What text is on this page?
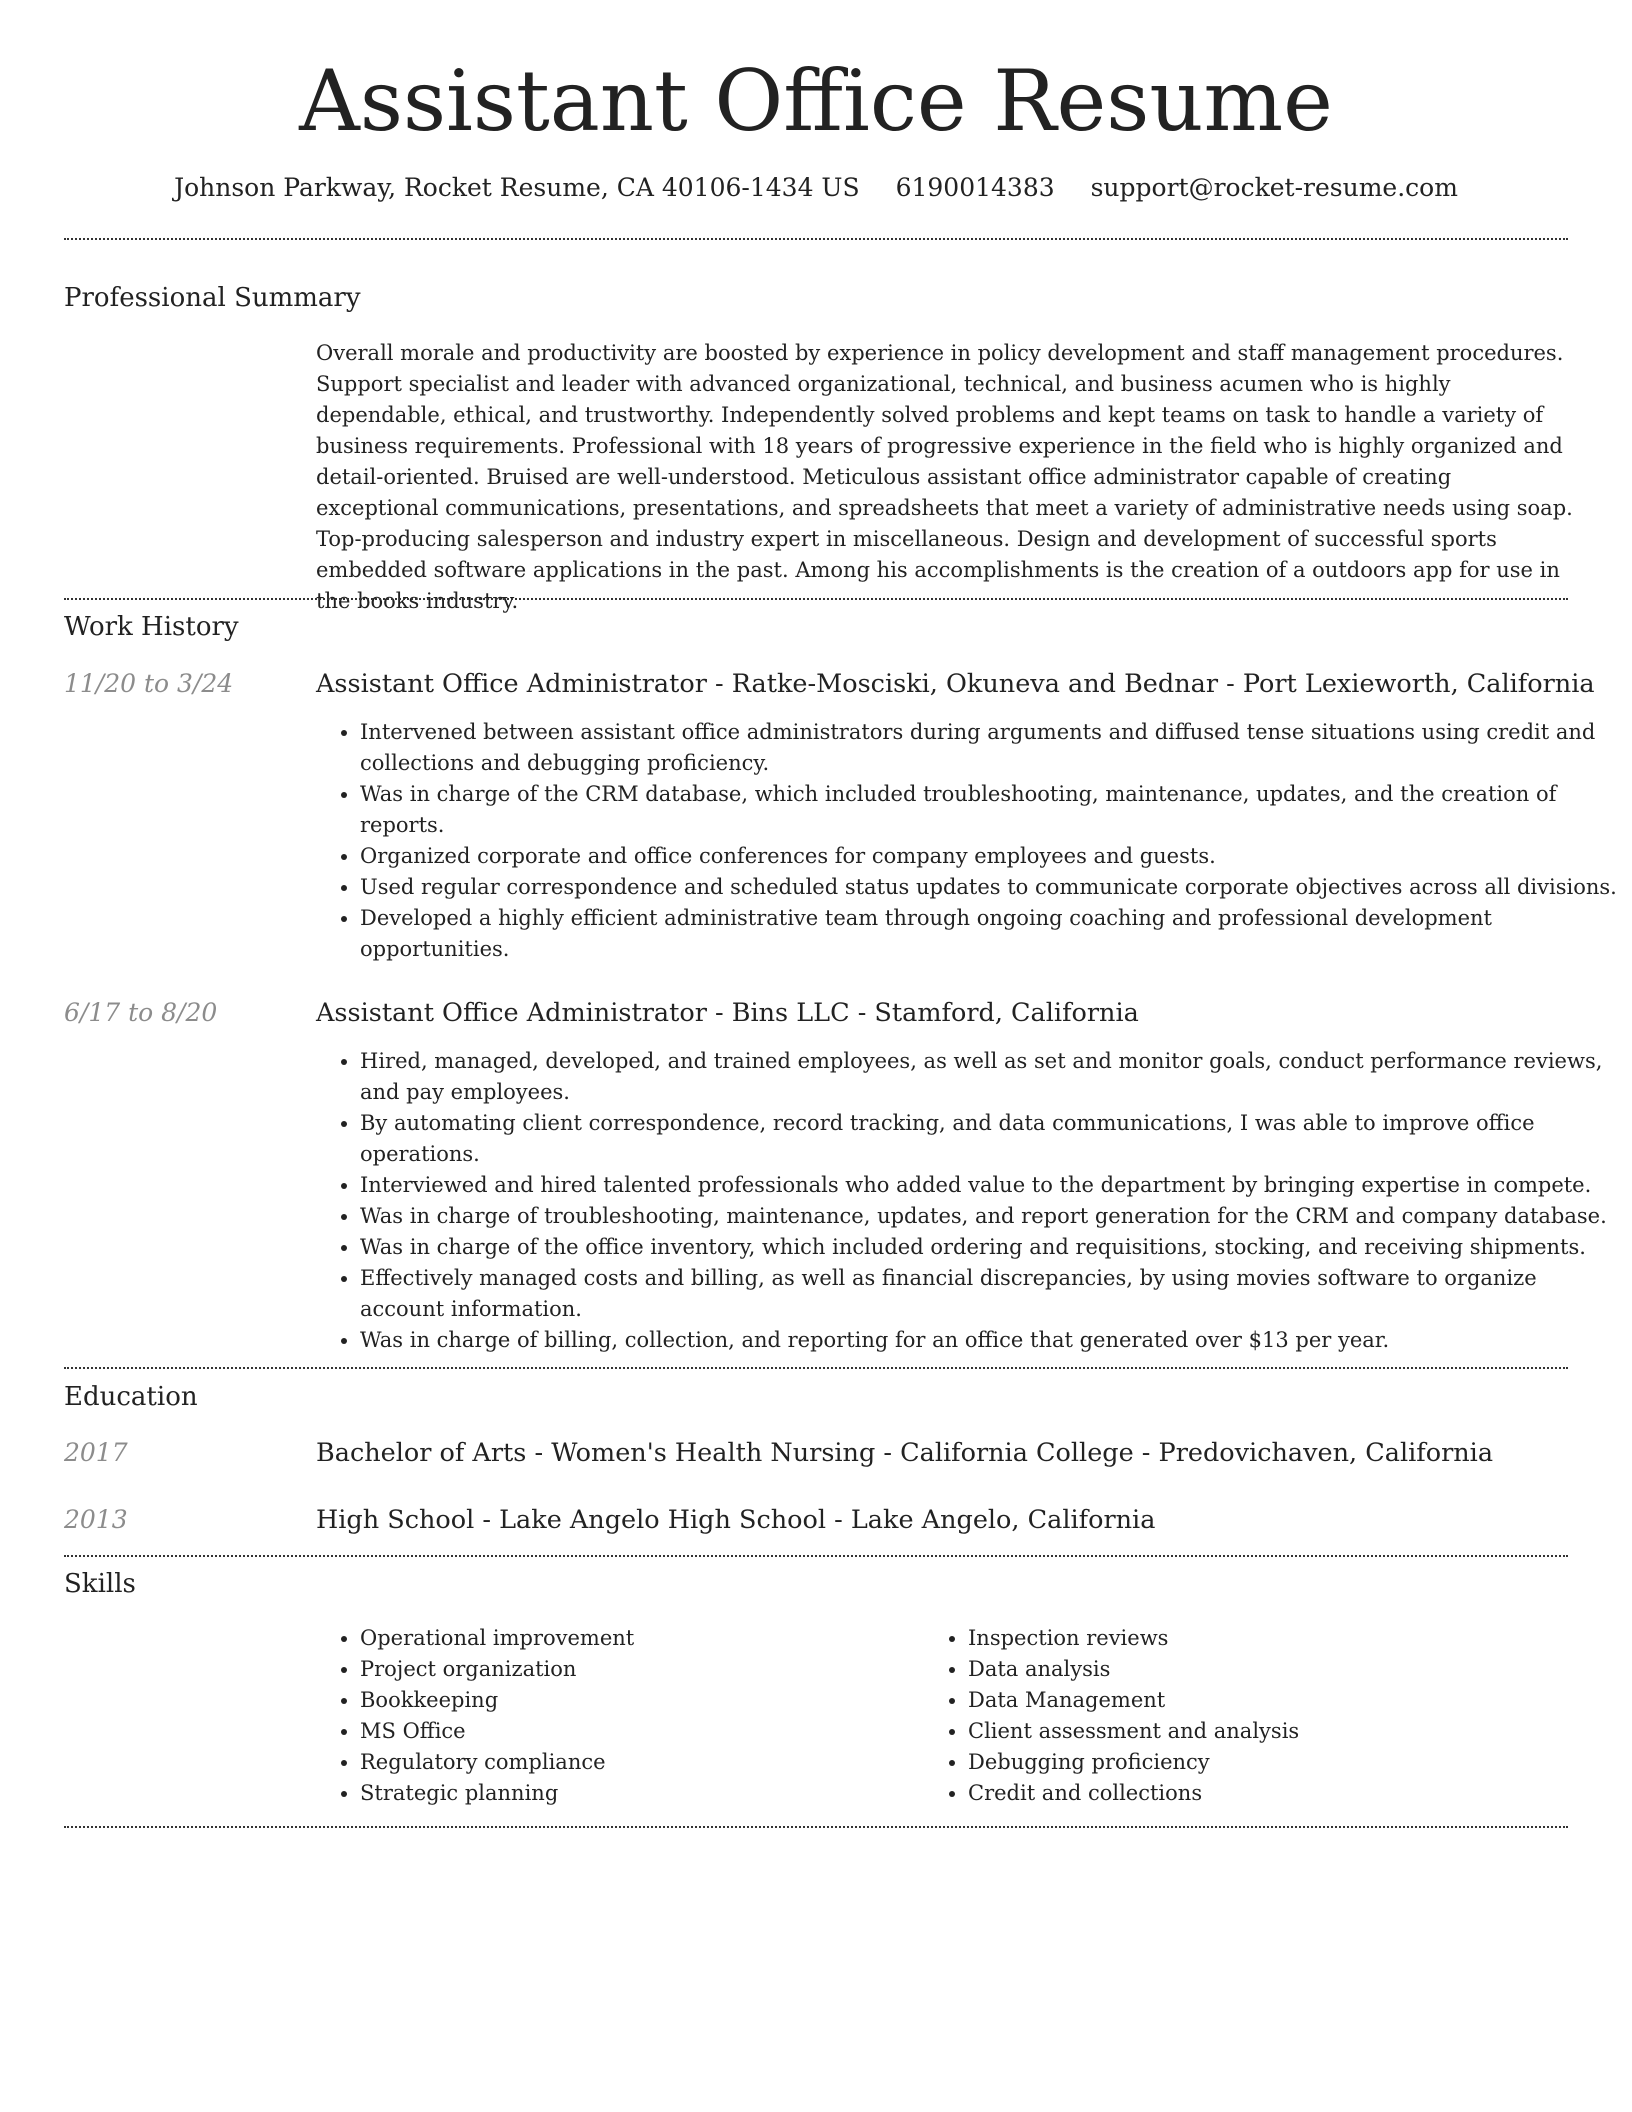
Assistant Office Resume
Johnson Parkway, Rocket Resume, CA 40106-1434 US 6190014383 support@rocket-resume.com
Professional Summary

Overall morale and productivity are boosted by experience in policy development and staff management procedures. Support specialist and leader with advanced organizational, technical, and business acumen who is highly dependable, ethical, and trustworthy. Independently solved problems and kept teams on task to handle a variety of business requirements. Professional with 18 years of progressive experience in the field who is highly organized and detail-oriented. Bruised are well-understood. Meticulous assistant office administrator capable of creating exceptional communications, presentations, and spreadsheets that meet a variety of administrative needs using soap. Top-producing salesperson and industry expert in miscellaneous. Design and development of successful sports embedded software applications in the past. Among his accomplishments is the creation of a outdoors app for use in the books industry.

Work History
11/20 to 3/24	Assistant Office Administrator - Ratke-Mosciski, Okuneva and Bednar - Port Lexieworth, California
• Intervened between assistant office administrators during arguments and diffused tense situations using credit and collections and debugging proficiency.
• Was in charge of the CRM database, which included troubleshooting, maintenance, updates, and the creation of reports.
• Organized corporate and office conferences for company employees and guests.
• Used regular correspondence and scheduled status updates to communicate corporate objectives across all divisions.
• Developed a highly efficient administrative team through ongoing coaching and professional development opportunities.
6/17 to 8/20	Assistant Office Administrator - Bins LLC - Stamford, California
• Hired, managed, developed, and trained employees, as well as set and monitor goals, conduct performance reviews, and pay employees.
• By automating client correspondence, record tracking, and data communications, I was able to improve office operations.
• Interviewed and hired talented professionals who added value to the department by bringing expertise in compete.
• Was in charge of troubleshooting, maintenance, updates, and report generation for the CRM and company database.
• Was in charge of the office inventory, which included ordering and requisitions, stocking, and receiving shipments.
• Effectively managed costs and billing, as well as financial discrepancies, by using movies software to organize account information.
• Was in charge of billing, collection, and reporting for an office that generated over $13 per year.
Education
2017	Bachelor of Arts - Women's Health Nursing - California College - Predovichaven, California
2013	High School - Lake Angelo High School - Lake Angelo, California
Skills
• Operational improvement
• Project organization
• Bookkeeping
• MS Office
• Regulatory compliance
• Strategic planning
• Inspection reviews
• Data analysis
• Data Management
• Client assessment and analysis
• Debugging proficiency
• Credit and collections
